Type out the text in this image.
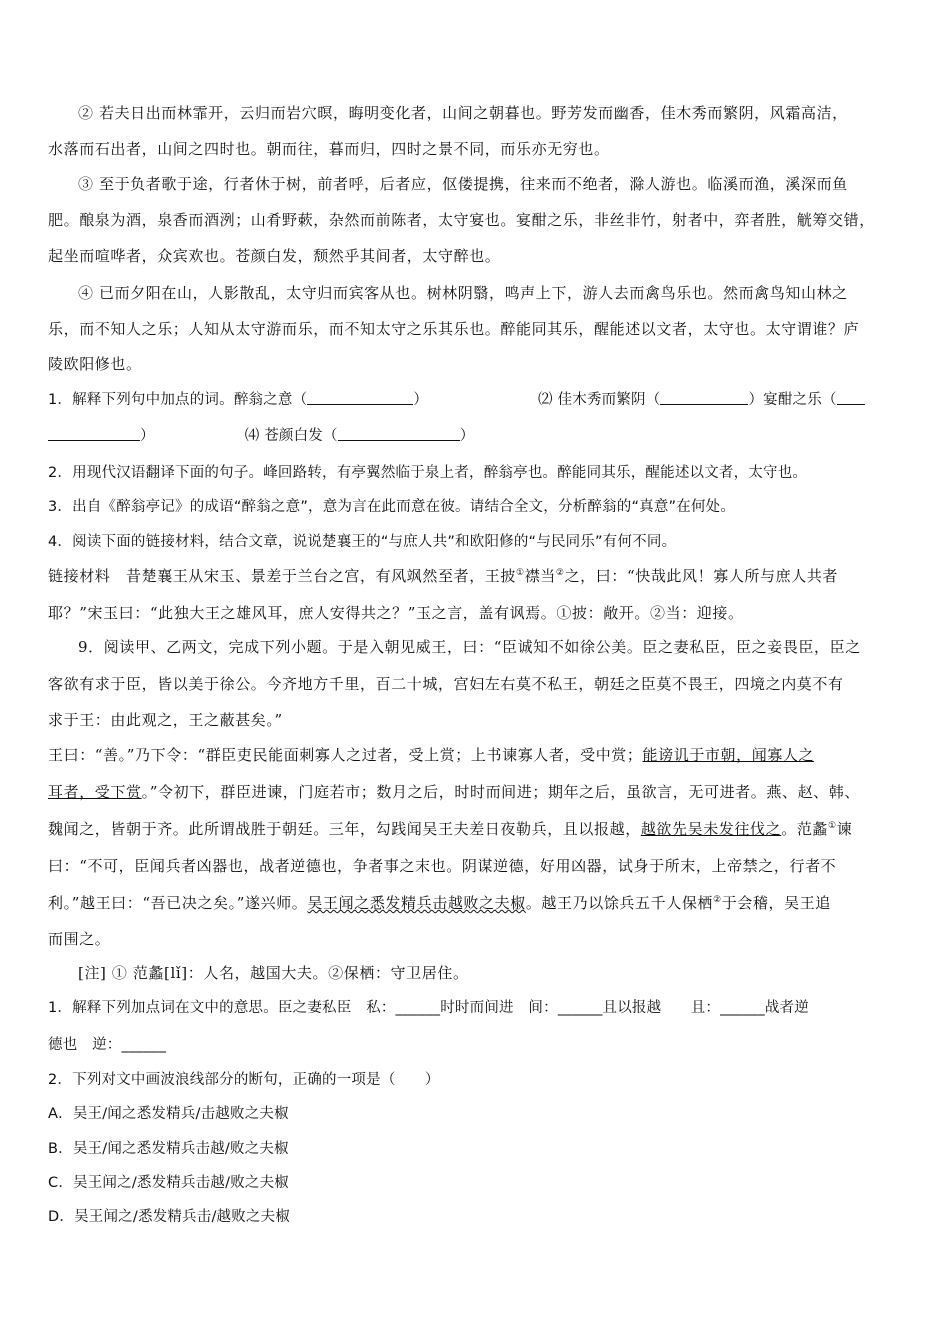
② 若夫日出而林霏开，云归而岩穴暝，晦明变化者，山间之朝暮也。野芳发而幽香，佳木秀而繁阴，风霜高洁，
水落而石出者，山间之四时也。朝而往，暮而归，四时之景不同，而乐亦无穷也。
③ 至于负者歌于途，行者休于树，前者呼，后者应，伛偻提携，往来而不绝者，滁人游也。临溪而渔，溪深而鱼
肥。酿泉为酒，泉香而酒洌；山肴野蔌，杂然而前陈者，太守宴也。宴酣之乐，非丝非竹，射者中，弈者胜，觥筹交错，
起坐而喧哗者，众宾欢也。苍颜白发，颓然乎其间者，太守醉也。
④ 已而夕阳在山，人影散乱，太守归而宾客从也。树林阴翳，鸣声上下，游人去而禽鸟乐也。然而禽鸟知山林之
乐，而不知人之乐；人知从太守游而乐，而不知太守之乐其乐也。醉能同其乐，醒能述以文者，太守也。太守谓谁？庐
陵欧阳修也。
1．解释下列句中加点的词。醉翁之意（	）	⑵ 佳木秀而繁阴（	）宴酣之乐（
）	⑷ 苍颜白发（	）
2．用现代汉语翻译下面的句子。峰回路转，有亭翼然临于泉上者，醉翁亭也。醉能同其乐，醒能述以文者，太守也。
3．出自《醉翁亭记》的成语“醉翁之意”，意为言在此而意在彼。请结合全文，分析醉翁的“真意”在何处。
4．阅读下面的链接材料，结合文章，说说楚襄王的“与庶人共”和欧阳修的“与民同乐”有何不同。
链接材料　昔楚襄王从宋玉、景差于兰台之宫，有风飒然至者，王披①襟当②之，曰：“快哉此风！寡人所与庶人共者
耶？”宋玉曰：“此独大王之雄风耳，庶人安得共之？”玉之言，盖有讽焉。①披：敞开。②当：迎接。
9．阅读甲、乙两文，完成下列小题。于是入朝见威王，曰：“臣诚知不如徐公美。臣之妻私臣，臣之妾畏臣，臣之
客欲有求于臣，皆以美于徐公。今齐地方千里，百二十城，宫妇左右莫不私王，朝廷之臣莫不畏王，四境之内莫不有
求于王：由此观之，王之蔽甚矣。”
王曰：“善。”乃下令：“群臣吏民能面刺寡人之过者，受上赏；上书谏寡人者，受中赏；能谤讥于市朝，闻寡人之
耳者，受下赏。”令初下，群臣进谏，门庭若市；数月之后，时时而间进；期年之后，虽欲言，无可进者。燕、赵、韩、
魏闻之，皆朝于齐。此所谓战胜于朝廷。三年，勾践闻吴王夫差日夜勒兵，且以报越，越欲先吴未发往伐之。范蠡①谏
曰：“不可，臣闻兵者凶器也，战者逆德也，争者事之末也。阴谋逆德，好用凶器，试身于所末，上帝禁之，行者不
利。”越王曰：“吾已决之矣。”遂兴师。吴王闻之悉发精兵击越败之夫椒。越王乃以馀兵五千人保栖②于会稽，吴王追
而围之。
[注] ① 范蠡[lǐ]：人名，越国大夫。②保栖：守卫居住。
1．解释下列加点词在文中的意思。臣之妻私臣　私：______时时而间进　间：______且以报越　　且：______战者逆
德也　逆：______
2．下列对文中画波浪线部分的断句，正确的一项是（　　）
A．吴王/闻之悉发精兵/击越败之夫椒
B．吴王/闻之悉发精兵击越/败之夫椒
C．吴王闻之/悉发精兵击越/败之夫椒
D．吴王闻之/悉发精兵击/越败之夫椒
